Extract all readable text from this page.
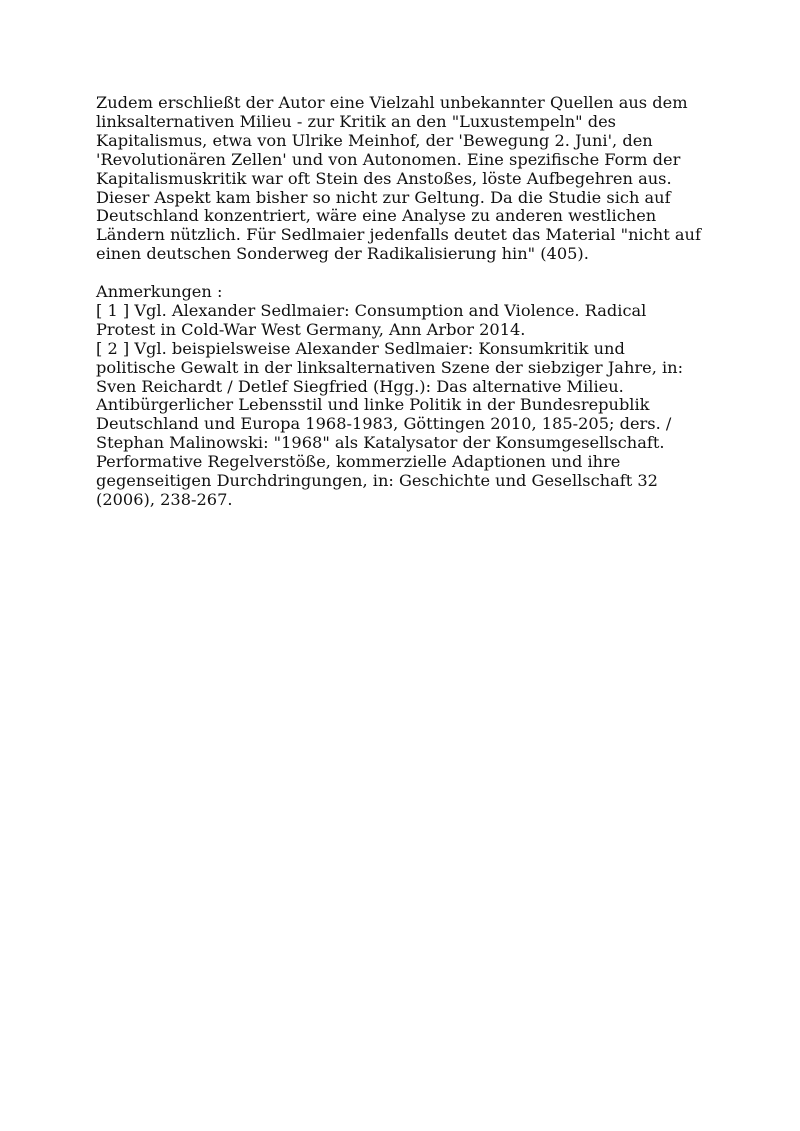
Zudem erschließt der Autor eine Vielzahl unbekannter Quellen aus dem
linksalternativen Milieu - zur Kritik an den "Luxustempeln" des
Kapitalismus, etwa von Ulrike Meinhof, der 'Bewegung 2. Juni', den
'Revolutionären Zellen' und von Autonomen. Eine spezifische Form der
Kapitalismuskritik war oft Stein des Anstoßes, löste Aufbegehren aus.
Dieser Aspekt kam bisher so nicht zur Geltung. Da die Studie sich auf
Deutschland konzentriert, wäre eine Analyse zu anderen westlichen
Ländern nützlich. Für Sedlmaier jedenfalls deutet das Material "nicht auf
einen deutschen Sonderweg der Radikalisierung hin" (405).
Anmerkungen :
[ 1 ] Vgl. Alexander Sedlmaier: Consumption and Violence. Radical
Protest in Cold-War West Germany, Ann Arbor 2014.
[ 2 ] Vgl. beispielsweise Alexander Sedlmaier: Konsumkritik und
politische Gewalt in der linksalternativen Szene der siebziger Jahre, in:
Sven Reichardt / Detlef Siegfried (Hgg.): Das alternative Milieu.
Antibürgerlicher Lebensstil und linke Politik in der Bundesrepublik
Deutschland und Europa 1968-1983, Göttingen 2010, 185-205; ders. /
Stephan Malinowski: "1968" als Katalysator der Konsumgesellschaft.
Performative Regelverstöße, kommerzielle Adaptionen und ihre
gegenseitigen Durchdringungen, in: Geschichte und Gesellschaft 32
(2006), 238-267.
